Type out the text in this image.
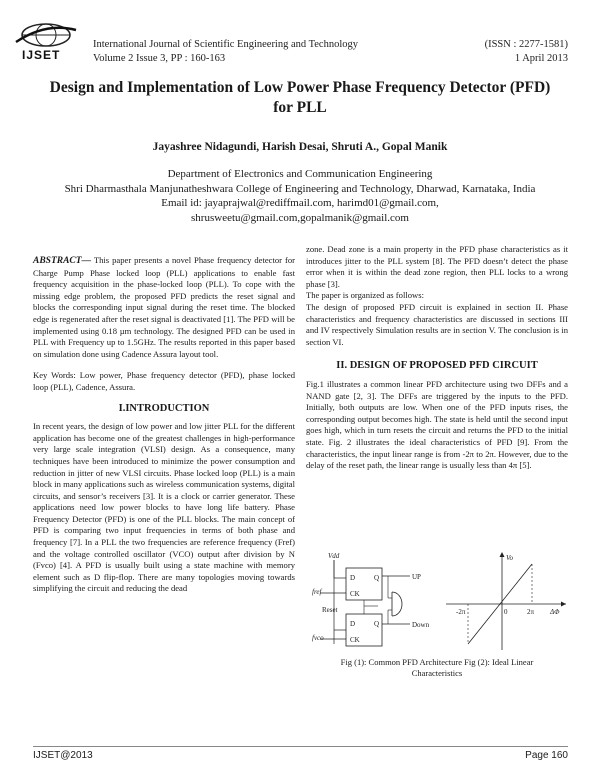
IJSET
International Journal of Scientific Engineering and Technology
Volume 2 Issue 3, PP : 160-163
(ISSN : 2277-1581)
1 April 2013
Design and Implementation of Low Power Phase Frequency Detector (PFD)
for PLL
Jayashree Nidagundi, Harish Desai, Shruti A., Gopal Manik
Department of Electronics and Communication Engineering
Shri Dharmasthala Manjunatheshwara College of Engineering and Technology, Dharwad, Karnataka, India
Email id: jayaprajwal@rediffmail.com, harimd01@gmail.com,
shrusweetu@gmail.com,gopalmanik@gmail.com

ABSTRACT— This paper presents a novel Phase frequency detector for Charge Pump Phase locked loop (PLL) applications to enable fast frequency acquisition in the phase-locked loop (PLL). To cope with the missing edge problem, the proposed PFD predicts the reset signal and blocks the corresponding input signal during the reset time. The blocked edge is regenerated after the reset signal is deactivated [1]. The PFD will be implemented using 0.18 µm technology. The designed PFD can be used in PLL with Frequency up to 1.5GHz. The results reported in this paper based on simulation done using Cadence Assura layout tool.

Key Words: Low power, Phase frequency detector (PFD), phase locked loop (PLL), Cadence, Assura.

I.INTRODUCTION

In recent years, the design of low power and low jitter PLL for the different application has become one of the greatest challenges in high-performance very large scale integration (VLSI) design. As a consequence, many techniques have been introduced to minimize the power consumption and reduction in jitter of new VLSI circuits. Phase locked loop (PLL) is a main block in many applications such as wireless communication systems, digital circuits, and sensor’s receivers [3]. It is a clock or carrier generator. These applications need low power blocks to have long life battery. Phase Frequency Detector (PFD) is one of the PLL blocks. The main concept of PFD is comparing two input frequencies in terms of both phase and frequency [7]. In a PLL the two frequencies are reference frequency (Fref) and the voltage controlled oscillator (VCO) output after division by N (Fvco) [4]. A PFD is usually built using a state machine with memory element such as D flip-flop. There are many topologies moving towards simplifying the circuit and reducing the dead

zone. Dead zone is a main property in the PFD phase characteristics as it introduces jitter to the PLL system [8]. The PFD doesn’t detect the phase error when it is within the dead zone region, then PLL locks to a wrong phase [3].

The paper is organized as follows:

The design of proposed PFD circuit is explained in section II. Phase characteristics and frequency characteristics are discussed in sections III and IV respectively Simulation results are in section V. The conclusion is in section VI.

II. DESIGN OF PROPOSED PFD CIRCUIT

Fig.1 illustrates a common linear PFD architecture using two DFFs and a NAND gate [2, 3]. The DFFs are triggered by the inputs to the PFD. Initially, both outputs are low. When one of the PFD inputs rises, the corresponding output becomes high. The state is held until the second input goes high, which in turn resets the circuit and returns the PFD to the initial state. Fig. 2 illustrates the ideal characteristics of PFD [9]. From the characteristics, the input linear range is from -2π to 2π. However, due to the delay of the reset path, the linear range is usually less than 4π [5].

Vdd
D
CK
Q
D
CK
Q
fref
fvco
UP
Down
Reset
Vo
-2π	0	2π ΔΦ
Fig (1): Common PFD Architecture Fig (2): Ideal Linear
Characteristics
IJSET@2013	Page 160
